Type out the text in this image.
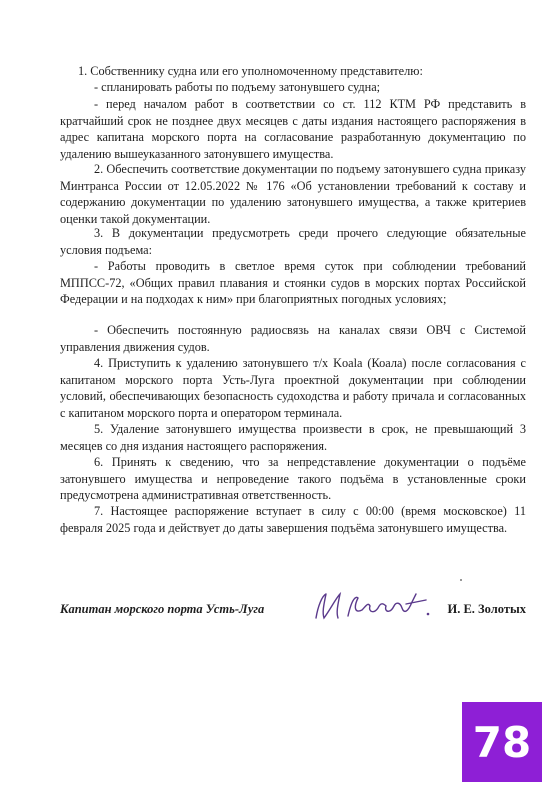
1. Собственнику судна или его уполномоченному представителю:
- спланировать работы по подъему затонувшего судна;
- перед началом работ в соответствии со ст. 112 КТМ РФ представить в кратчайший срок не позднее двух месяцев с даты издания настоящего распоряжения в адрес капитана морского порта на согласование разработанную документацию по удалению вышеуказанного затонувшего имущества.
2. Обеспечить соответствие документации по подъему затонувшего судна приказу Минтранса России от 12.05.2022 № 176 «Об установлении требований к составу и содержанию документации по удалению затонувшего имущества, а также критериев оценки такой документации.
3. В документации предусмотреть среди прочего следующие обязательные условия подъема:
- Работы проводить в светлое время суток при соблюдении требований МППСС-72, «Общих правил плавания и стоянки судов в морских портах Российской Федерации и на подходах к ним» при благоприятных погодных условиях;
- Обеспечить постоянную радиосвязь на каналах связи ОВЧ с Системой управления движения судов.
4. Приступить к удалению затонувшего т/х Koala (Коала) после согласования с капитаном морского порта Усть-Луга проектной документации при соблюдении условий, обеспечивающих безопасность судоходства и работу причала и согласованных с капитаном морского порта и оператором терминала.
5. Удаление затонувшего имущества произвести в срок, не превышающий 3 месяцев со дня издания настоящего распоряжения.
6. Принять к сведению, что за непредставление документации о подъёме затонувшего имущества и непроведение такого подъёма в установленные сроки предусмотрена административная ответственность.
7. Настоящее распоряжение вступает в силу с 00:00 (время московское) 11 февраля 2025 года и действует до даты завершения подъёма затонувшего имущества.
Капитан морского порта Усть-Луга	И. Е. Золотых
78
